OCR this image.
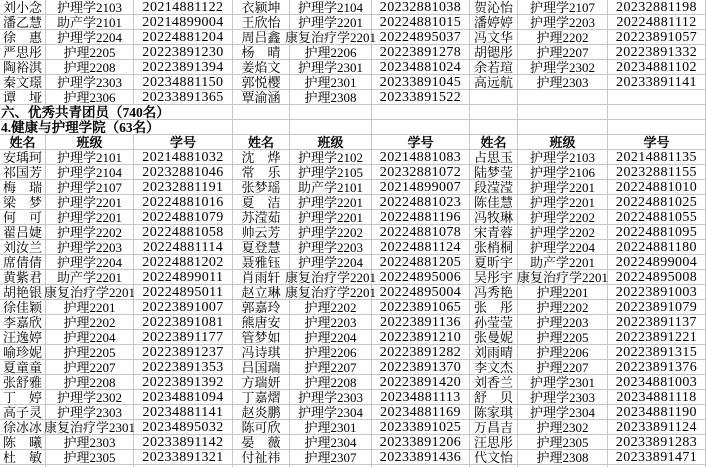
刘小念	护理学2103	20214881122	衣颍坤	护理学2104	20232881038 贺沁怡	护理学2107	20232881198
潘乙慧	助产学2101	20214899004	王欣怡	护理学2201	20224881015 潘婷婷	护理学2203	20224881112
徐　惠	护理学2204	20224881204	周吕鑫 康复治疗学2201 20224895037 冯文华	护理2202	20223891057
严思彤	护理2205	20223891230	杨　晴	护理2206	20223891278 胡锶彤	护理2207	20223891332
陶裕淇	护理2208	20223891394	姜焰文	护理学2301	20234881024 余若瑄	护理学2302	20234881102
秦文璟	护理学2303	20234881150	郭悦樱	护理2301	20233891045 高远航	护理2303	20233891141
谭　垭	护理2306	20233891365	覃渝涵	护理2308	20233891522
六、优秀共青团员（740名）
4.健康与护理学院（63名）
姓名	班级	学号	姓名	班级	学号	姓名	班级	学号
安瑀珂	护理学2101	20214881032	沈　烨	护理学2102	20214881083 占思玉	护理学2103	20214881135
祁国芳	护理学2104	20232881046	常　乐	护理学2105	20232881072 陆梦莹	护理学2106	20232881155
梅　瑞	护理学2107	20232881191	张梦瑶	助产学2101	20214899007 段滢滢	护理学2201	20224881010
梁　梦	护理学2201	20224881016	夏　洁	护理学2201	20224881023 陈佳慧	护理学2201	20224881025
何　可	护理学2201	20224881079	苏滢茹	护理学2201	20224881196	冯牧琳	护理学2202	20224881055
翟吕婕	护理学2202	20224881058	帅云芳	护理学2202	20224881078 宋青蓉	护理学2202	20224881095
刘汝兰	护理学2203	20224881114	夏登慧	护理学2203	20224881124	张梢桐	护理学2204	20224881180
席倩倩	护理学2204	20224881202	聂雅钰	护理学2204	20224881205 夏昕宇	助产学2201	20224899004
黄紫君	助产学2201	20224899011	肖雨轩 康复治疗学2201 20224895006 吴彤宇 康复治疗学2201 20224895008
胡艳银 康复治疗学2201 20224895011	赵立琳 康复治疗学2201 20224895004 冯秀艳	护理2201	20223891003
徐佳颖	护理2201	20223891007	郭嘉玲	护理2202	20223891065 张　彤	护理2202	20223891079
李嘉欣	护理2202	20223891081	熊唐安	护理2203	20223891136	孙莹莹	护理2203	20223891137
汪逸婷	护理2204	20223891177	管梦如	护理2204	20223891210 张曼妮	护理2205	20223891221
喻珍妮	护理2205	20223891237	冯诗琪	护理2206	20223891282 刘雨晴	护理2206	20223891315
夏童童	护理2207	20223891353	吕国瑞	护理2207	20223891370 李文杰	护理2207	20223891376
张舒雅	护理2208	20223891392	方瑞妍	护理2208	20223891420 刘香兰	护理学2301	20234881003
丁　婷	护理学2302	20234881094	丁嘉熠	护理学2303	20234881113	舒　贝	护理学2303	20234881118
高子灵	护理学2303	20234881141	赵炎鹏	护理学2304	20234881169	陈家琪	护理学2304	20234881190
徐冰冰 康复治疗学2301 20234895032	陈可欣	护理2301	20233891025 万昌吉	护理2302	20233891124
陈　曦	护理2303	20233891142	晏　薇	护理2304	20233891206 汪思彤	护理2305	20233891283
杜　敏	护理2305	20233891321	付祉祎	护理2307	20233891436 代文怡	护理2308	20233891471
